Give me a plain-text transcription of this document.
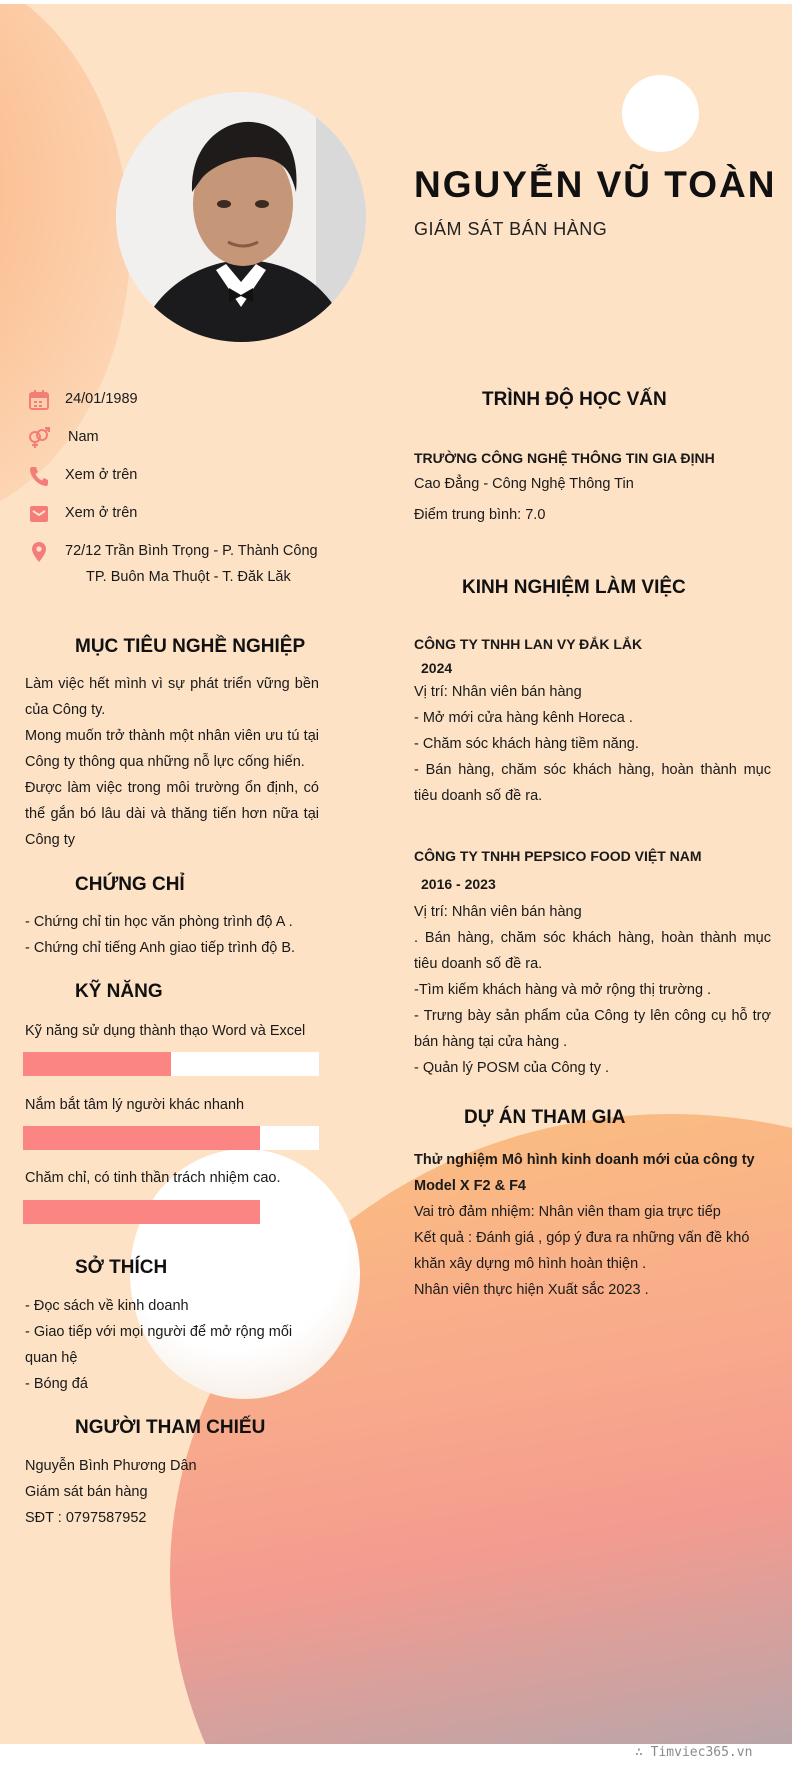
NGUYỄN VŨ TOÀN
GIÁM SÁT BÁN HÀNG
24/01/1989
Nam
Xem ở trên
Xem ở trên
72/12 Trần Bình Trọng - P. Thành Công
TP. Buôn Ma Thuột - T. Đăk Lăk
MỤC TIÊU NGHỀ NGHIỆP

Làm việc hết mình vì sự phát triển vững bền của Công ty.

Mong muốn trở thành một nhân viên ưu tú tại Công ty thông qua những nỗ lực cống hiến.

Được làm việc trong môi trường ổn định, có thể gắn bó lâu dài và thăng tiến hơn nữa tại Công ty

CHỨNG CHỈ

- Chứng chỉ tin học văn phòng trình độ A .

- Chứng chỉ tiếng Anh giao tiếp trình độ B.

KỸ NĂNG
Kỹ năng sử dụng thành thạo Word và Excel
Nắm bắt tâm lý người khác nhanh
Chăm chỉ, có tinh thần trách nhiệm cao.
SỞ THÍCH

- Đọc sách về kinh doanh

- Giao tiếp với mọi người để mở rộng mối quan hệ

- Bóng đá

NGƯỜI THAM CHIẾU

Nguyễn Bình Phương Dân

Giám sát bán hàng

SĐT : 0797587952

TRÌNH ĐỘ HỌC VẤN

TRƯỜNG CÔNG NGHỆ THÔNG TIN GIA ĐỊNH

Cao Đẳng - Công Nghệ Thông Tin

Điểm trung bình: 7.0

KINH NGHIỆM LÀM VIỆC

CÔNG TY TNHH LAN VY ĐẮK LẮK

2024

Vị trí: Nhân viên bán hàng

- Mở mới cửa hàng kênh Horeca .

- Chăm sóc khách hàng tiềm năng.

- Bán hàng, chăm sóc khách hàng, hoàn thành mục tiêu doanh số đề ra.

CÔNG TY TNHH PEPSICO FOOD VIỆT NAM

2016 - 2023

Vị trí: Nhân viên bán hàng

. Bán hàng, chăm sóc khách hàng, hoàn thành mục tiêu doanh số đề ra.

-Tìm kiếm khách hàng và mở rộng thị trường .

- Trưng bày sản phẩm của Công ty lên công cụ hỗ trợ bán hàng tại cửa hàng .

- Quản lý POSM của Công ty .

DỰ ÁN THAM GIA

Thử nghiệm Mô hình kinh doanh mới của công ty Model X F2 & F4

Vai trò đảm nhiệm: Nhân viên tham gia trực tiếp

Kết quả : Đánh giá , góp ý đưa ra những vấn đề khó khăn xây dựng mô hình hoàn thiện .

Nhân viên thực hiện Xuất sắc 2023 .

∴ Timviec365.vn
